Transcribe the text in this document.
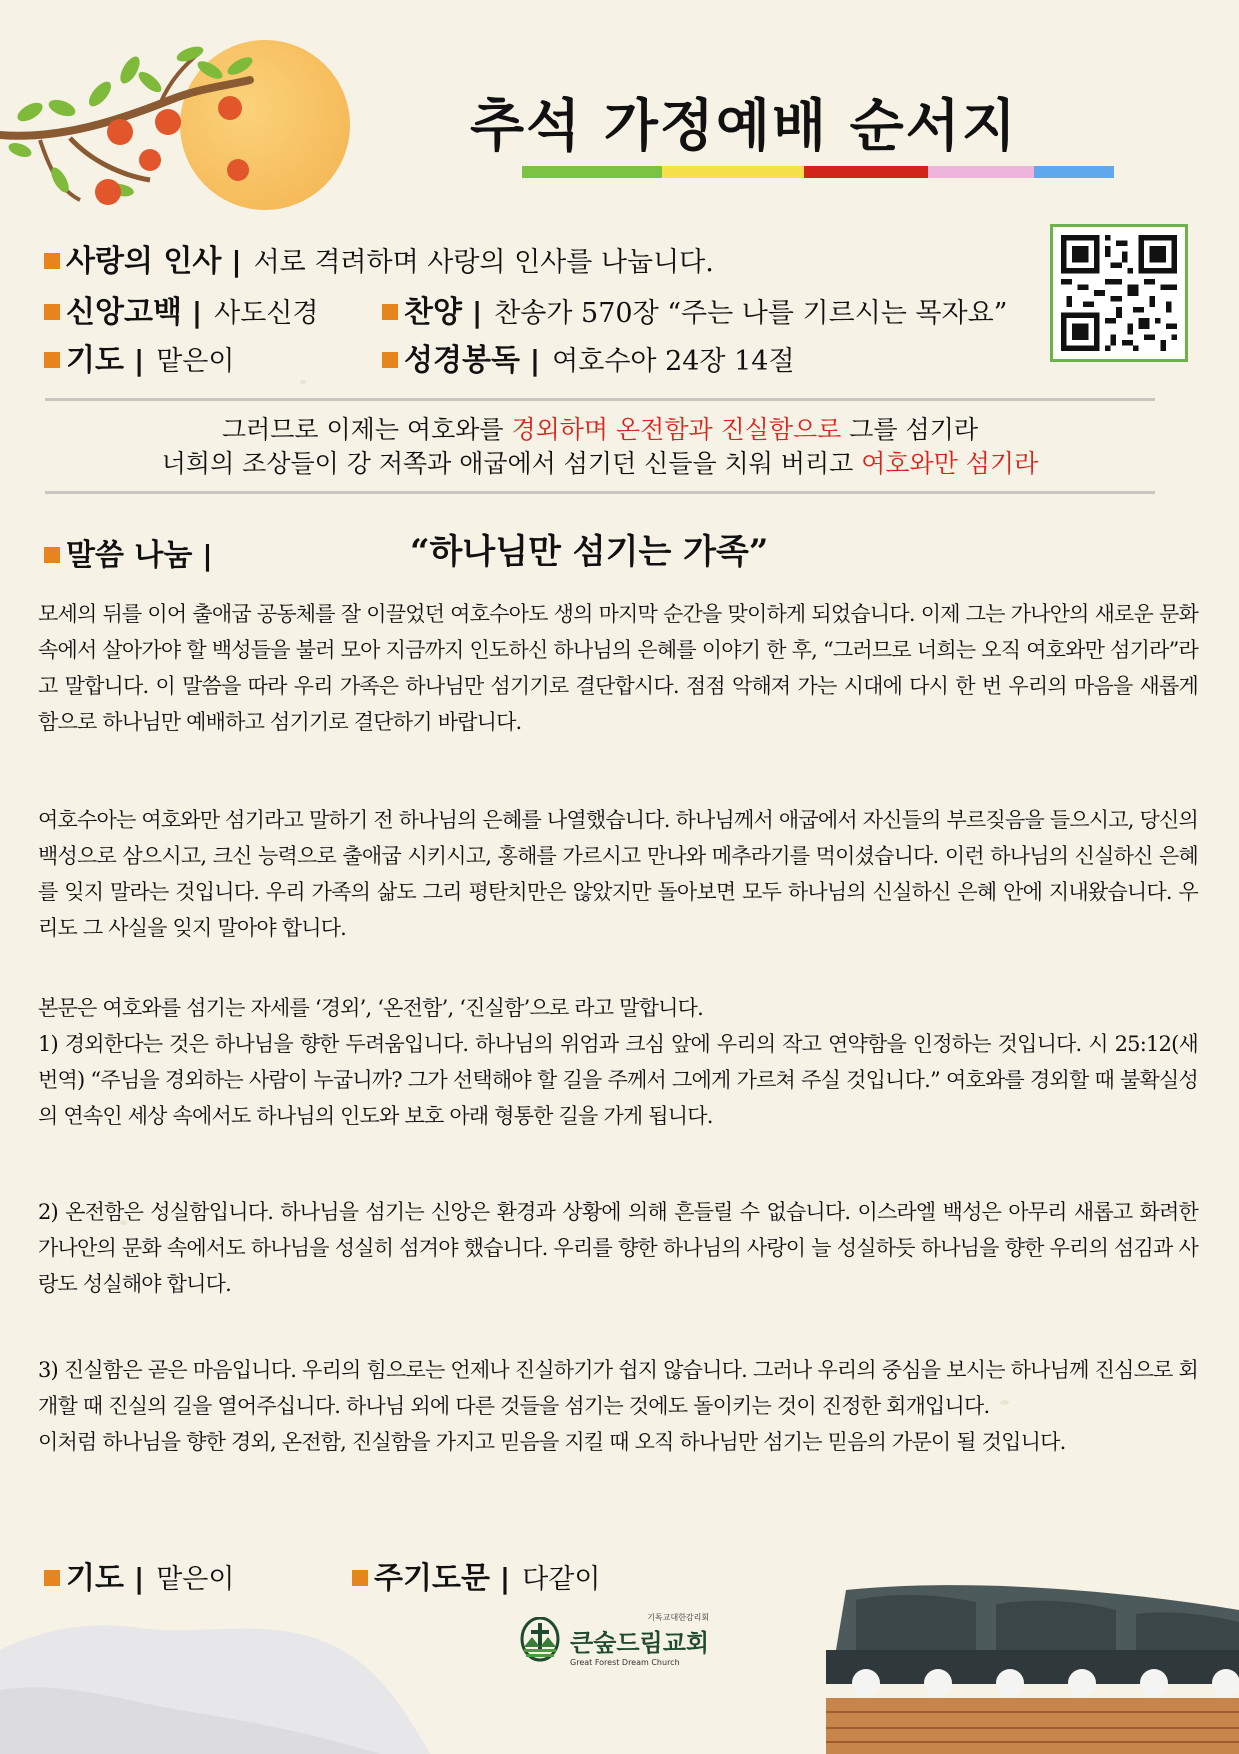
추석 가정예배 순서지
사랑의 인사 | 서로 격려하며 사랑의 인사를 나눕니다.
신앙고백 | 사도신경	찬양 | 찬송가 570장 “주는 나를 기르시는 목자요”
기도 | 맡은이	성경봉독 | 여호수아 24장 14절
그러므로 이제는 여호와를 경외하며 온전함과 진실함으로 그를 섬기라
너희의 조상들이 강 저쪽과 애굽에서 섬기던 신들을 치워 버리고 여호와만 섬기라
말씀 나눔 |	“하나님만 섬기는 가족”

모세의 뒤를 이어 출애굽 공동체를 잘 이끌었던 여호수아도 생의 마지막 순간을 맞이하게 되었습니다. 이제 그는 가나안의 새로운 문화 속에서 살아가야 할 백성들을 불러 모아 지금까지 인도하신 하나님의 은혜를 이야기 한 후, “그러므로 너희는 오직 여호와만 섬기라”라고 말합니다. 이 말씀을 따라 우리 가족은 하나님만 섬기기로 결단합시다. 점점 악해져 가는 시대에 다시 한 번 우리의 마음을 새롭게 함으로 하나님만 예배하고 섬기기로 결단하기 바랍니다.

여호수아는 여호와만 섬기라고 말하기 전 하나님의 은혜를 나열했습니다. 하나님께서 애굽에서 자신들의 부르짖음을 들으시고, 당신의 백성으로 삼으시고, 크신 능력으로 출애굽 시키시고, 홍해를 가르시고 만나와 메추라기를 먹이셨습니다. 이런 하나님의 신실하신 은혜를 잊지 말라는 것입니다. 우리 가족의 삶도 그리 평탄치만은 않았지만 돌아보면 모두 하나님의 신실하신 은혜 안에 지내왔습니다. 우리도 그 사실을 잊지 말아야 합니다.

본문은 여호와를 섬기는 자세를 ‘경외’, ‘온전함’, ‘진실함’으로 라고 말합니다.

1) 경외한다는 것은 하나님을 향한 두려움입니다. 하나님의 위엄과 크심 앞에 우리의 작고 연약함을 인정하는 것입니다. 시 25:12(새번역) “주님을 경외하는 사람이 누굽니까? 그가 선택해야 할 길을 주께서 그에게 가르쳐 주실 것입니다.” 여호와를 경외할 때 불확실성의 연속인 세상 속에서도 하나님의 인도와 보호 아래 형통한 길을 가게 됩니다.

2) 온전함은 성실함입니다. 하나님을 섬기는 신앙은 환경과 상황에 의해 흔들릴 수 없습니다. 이스라엘 백성은 아무리 새롭고 화려한 가나안의 문화 속에서도 하나님을 성실히 섬겨야 했습니다. 우리를 향한 하나님의 사랑이 늘 성실하듯 하나님을 향한 우리의 섬김과 사랑도 성실해야 합니다.

3) 진실함은 곧은 마음입니다. 우리의 힘으로는 언제나 진실하기가 쉽지 않습니다. 그러나 우리의 중심을 보시는 하나님께 진심으로 회개할 때 진실의 길을 열어주십니다. 하나님 외에 다른 것들을 섬기는 것에도 돌이키는 것이 진정한 회개입니다.

이처럼 하나님을 향한 경외, 온전함, 진실함을 가지고 믿음을 지킬 때 오직 하나님만 섬기는 믿음의 가문이 될 것입니다.

기도 | 맡은이	주기도문 | 다같이
기독교대한감리회
큰숲드림교회
Great Forest Dream Church
